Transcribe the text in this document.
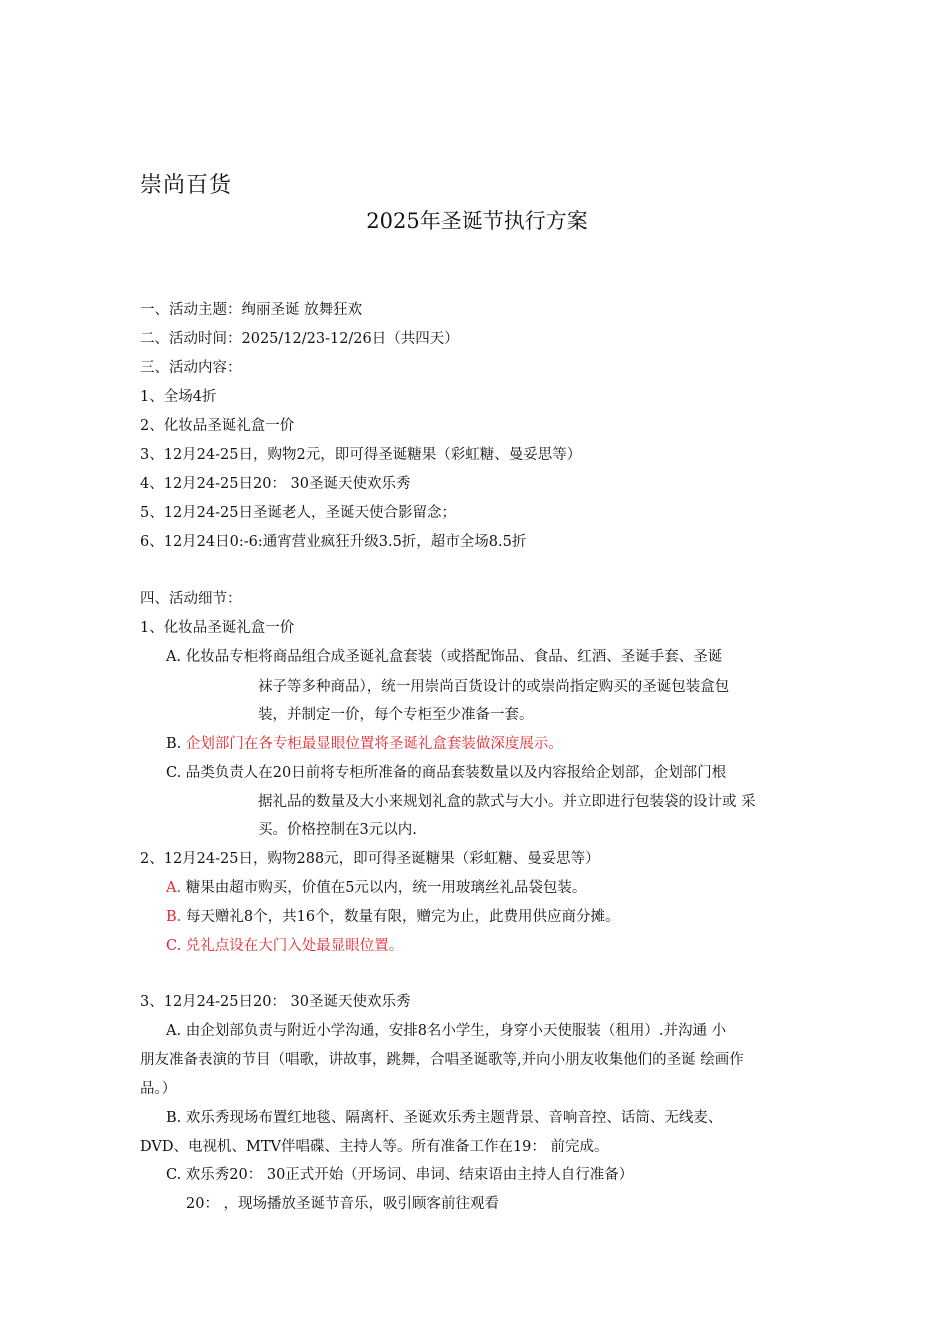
崇尚百货
2025年圣诞节执行方案
一、活动主题：绚丽圣诞 放舞狂欢
二、活动时间：2025/12/23-12/26日（共四天）
三、活动内容：
1、全场4折
2、化妆品圣诞礼盒一价
3、12月24-25日，购物2元，即可得圣诞糖果（彩虹糖、曼妥思等）
4、12月24-25日20： 30圣诞天使欢乐秀
5、12月24-25日圣诞老人，圣诞天使合影留念；
6、12月24日0:-6:通宵营业疯狂升级3.5折，超市全场8.5折
四、活动细节：
1、化妆品圣诞礼盒一价
A. 化妆品专柜将商品组合成圣诞礼盒套装（或搭配饰品、食品、红酒、圣诞手套、圣诞
袜子等多种商品），统一用崇尚百货设计的或崇尚指定购买的圣诞包装盒包
装，并制定一价，每个专柜至少准备一套。
B. 企划部门在各专柜最显眼位置将圣诞礼盒套装做深度展示。
C. 品类负责人在20日前将专柜所准备的商品套装数量以及内容报给企划部，企划部门根
据礼品的数量及大小来规划礼盒的款式与大小。并立即进行包装袋的设计或 采
买。价格控制在3元以内.
2、12月24-25日，购物288元，即可得圣诞糖果（彩虹糖、曼妥思等）
A. 糖果由超市购买，价值在5元以内，统一用玻璃丝礼品袋包装。
B. 每天赠礼8个，共16个，数量有限，赠完为止，此费用供应商分摊。
C. 兑礼点设在大门入处最显眼位置。
3、12月24-25日20： 30圣诞天使欢乐秀
A. 由企划部负责与附近小学沟通，安排8名小学生，身穿小天使服装（租用）.并沟通 小
朋友准备表演的节目（唱歌，讲故事，跳舞，合唱圣诞歌等,并向小朋友收集他们的圣诞 绘画作
品。）
B. 欢乐秀现场布置红地毯、隔离杆、圣诞欢乐秀主题背景、音响音控、话筒、无线麦、
DVD、电视机、MTV伴唱碟、主持人等。所有准备工作在19： 前完成。
C. 欢乐秀20： 30正式开始（开场词、串词、结束语由主持人自行准备）
20： ，现场播放圣诞节音乐，吸引顾客前往观看
